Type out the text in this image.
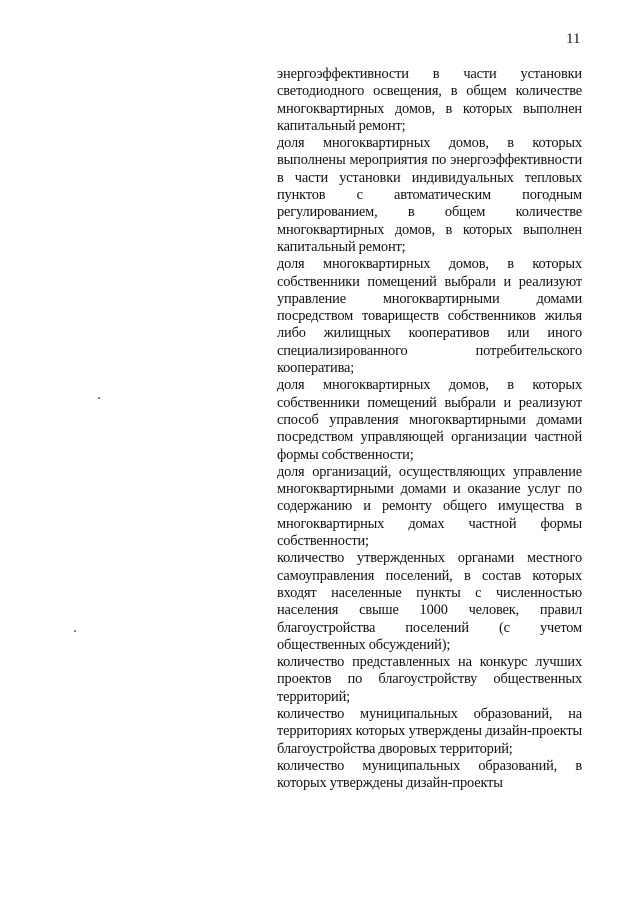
11

энергоэффективности в части установки светодиодного освещения, в общем количестве многоквартирных домов, в которых выполнен капитальный ремонт;

доля многоквартирных домов, в которых выполнены мероприятия по энергоэффективности в части установки индивидуальных тепловых пунктов с автоматическим погодным регулированием, в общем количестве многоквартирных домов, в которых выполнен капитальный ремонт;

доля многоквартирных домов, в которых собственники помещений выбрали и реализуют управление многоквартирными домами посредством товариществ собственников жилья либо жилищных кооперативов или иного специализированного потребительского кооператива;

доля многоквартирных домов, в которых собственники помещений выбрали и реализуют способ управления многоквартирными домами посредством управляющей организации частной формы собственности;

доля организаций, осуществляющих управление многоквартирными домами и оказание услуг по содержанию и ремонту общего имущества в многоквартирных домах частной формы собственности;

количество утвержденных органами местного самоуправления поселений, в состав которых входят населенные пункты с численностью населения свыше 1000 человек, правил благоустройства поселений (с учетом общественных обсуждений);

количество представленных на конкурс лучших проектов по благоустройству общественных территорий;

количество муниципальных образований, на территориях которых утверждены дизайн-проекты благоустройства дворовых территорий;

количество муниципальных образований, в которых утверждены дизайн-проекты
